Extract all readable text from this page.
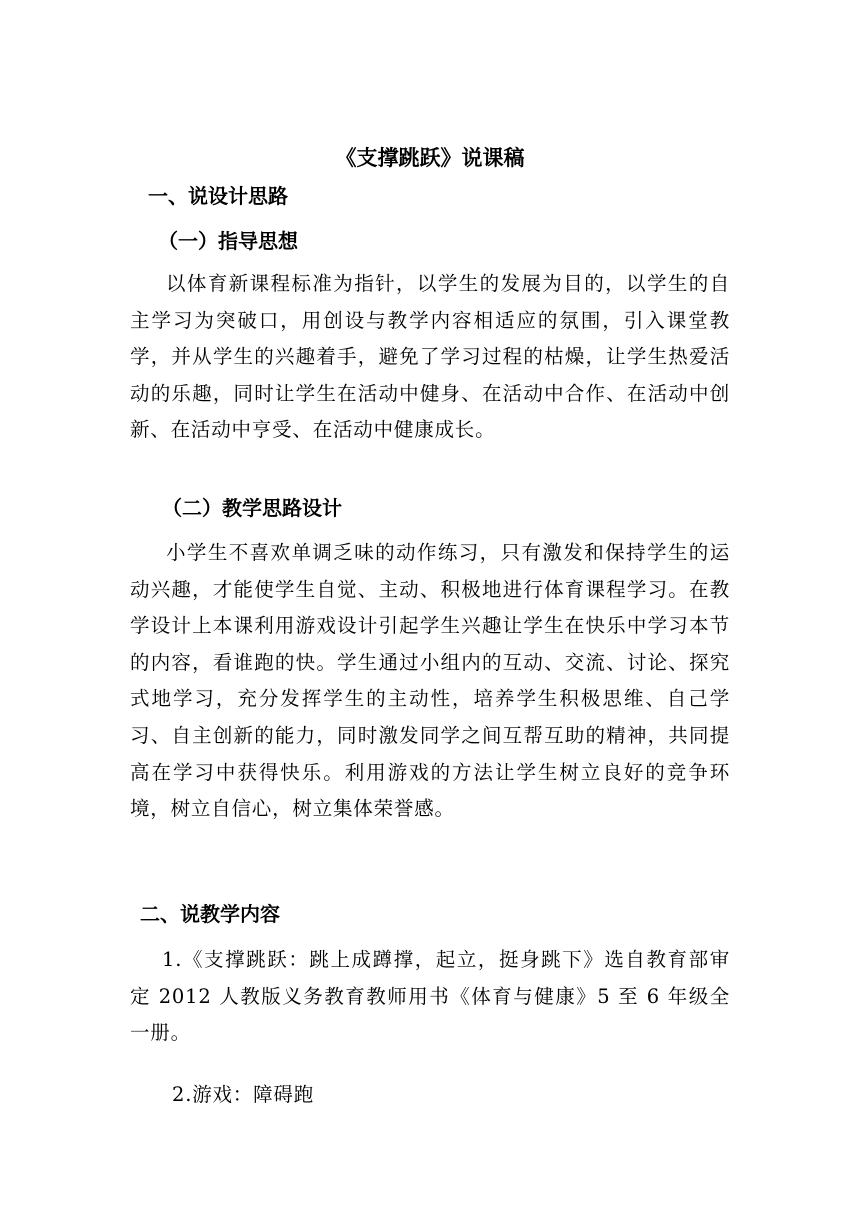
《支撑跳跃》说课稿
一、说设计思路
（一）指导思想
以体育新课程标准为指针，以学生的发展为目的，以学生的自主学习为突破口，用创设与教学内容相适应的氛围，引入课堂教学，并从学生的兴趣着手，避免了学习过程的枯燥，让学生热爱活动的乐趣，同时让学生在活动中健身、在活动中合作、在活动中创新、在活动中亨受、在活动中健康成长。
（二）教学思路设计
小学生不喜欢单调乏味的动作练习，只有激发和保持学生的运动兴趣，才能使学生自觉、主动、积极地进行体育课程学习。在教学设计上本课利用游戏设计引起学生兴趣让学生在快乐中学习本节的内容，看谁跑的快。学生通过小组内的互动、交流、讨论、探究式地学习，充分发挥学生的主动性，培养学生积极思维、自己学习、自主创新的能力，同时激发同学之间互帮互助的精神，共同提高在学习中获得快乐。利用游戏的方法让学生树立良好的竞争环境，树立自信心，树立集体荣誉感。
二、说教学内容
1.《支撑跳跃：跳上成蹲撑，起立，挺身跳下》选自教育部审定 2012 人教版义务教育教师用书《体育与健康》5 至 6 年级全一册。
2.游戏：障碍跑
